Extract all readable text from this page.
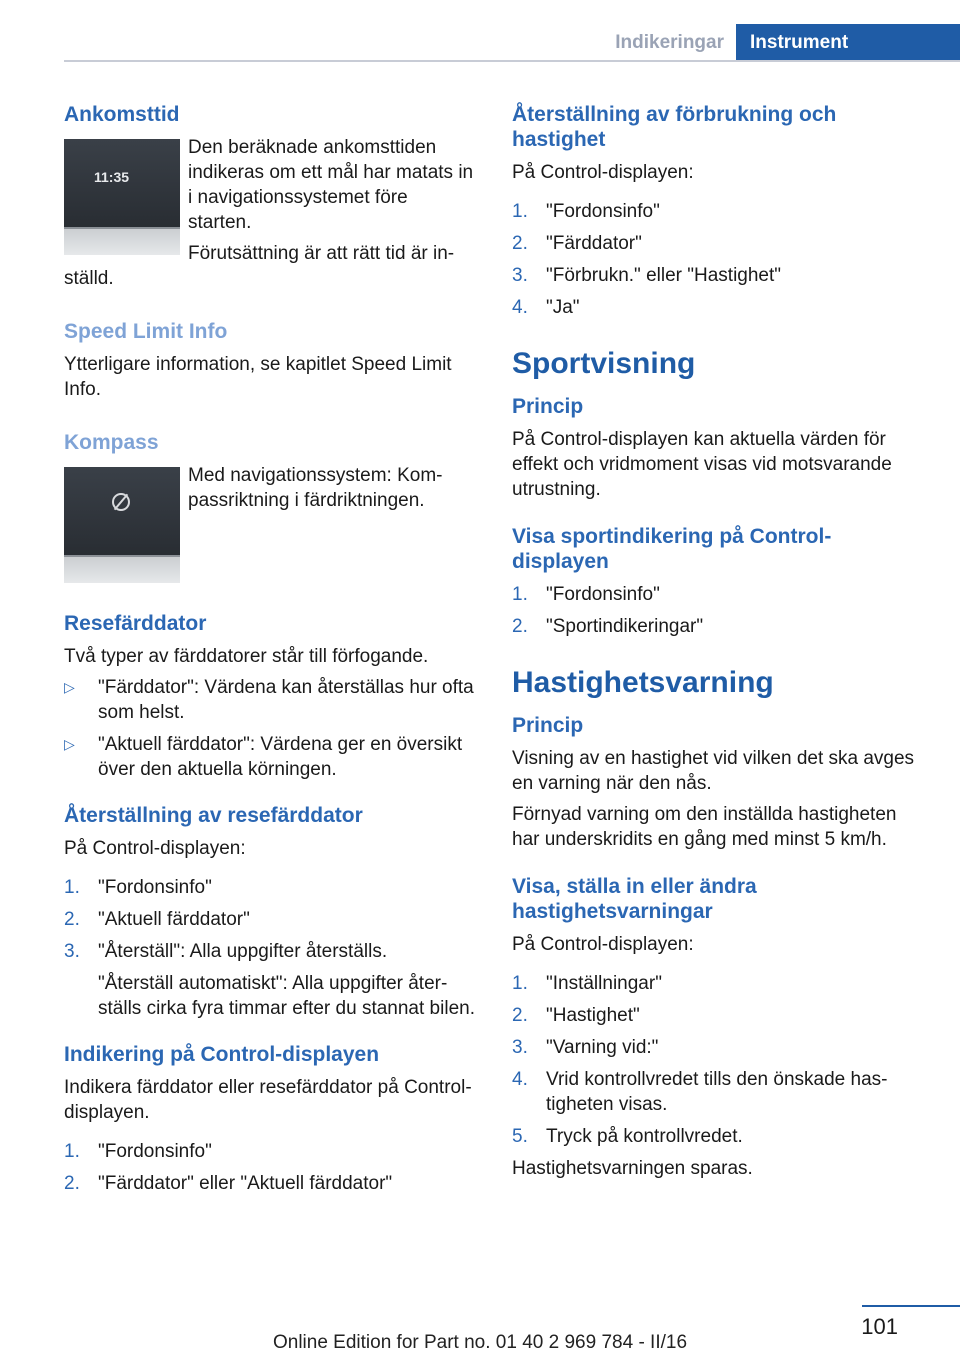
Indikeringar	Instrument
Ankomsttid
11:35

Den beräknade ankomsttiden indikeras om ett mål har matats in i navigationssystemet före starten.

Förutsättning är att rätt tid är inställd.

Speed Limit Info

Ytterligare information, se kapitlet Speed Limit Info.

Kompass

Med navigationssystem: Kompassriktning i färdriktningen.

Resefärddator

Två typer av färddatorer står till förfogande.

▷ "Färddator": Värdena kan återställas hur ofta som helst.
▷ "Aktuell färddator": Värdena ger en översikt över den aktuella körningen.
Återställning av resefärddator

På Control-displayen:

1. "Fordonsinfo"
2. "Aktuell färddator"
3. "Återställ": Alla uppgifter återställs.
"Återställ automatiskt": Alla uppgifter återställs cirka fyra timmar efter du stannat bilen.
Indikering på Control-displayen

Indikera färddator eller resefärddator på Control-displayen.

1. "Fordonsinfo"
2. "Färddator" eller "Aktuell färddator"
Återställning av förbrukning och hastighet

På Control-displayen:

1. "Fordonsinfo"
2. "Färddator"
3. "Förbrukn." eller "Hastighet"
4. "Ja"
Sportvisning
Princip

På Control-displayen kan aktuella värden för effekt och vridmoment visas vid motsvarande utrustning.

Visa sportindikering på Control-displayen
1. "Fordonsinfo"
2. "Sportindikeringar"
Hastighetsvarning
Princip

Visning av en hastighet vid vilken det ska avges en varning när den nås.

Förnyad varning om den inställda hastigheten har underskridits en gång med minst 5 km/h.

Visa, ställa in eller ändra hastighetsvarningar

På Control-displayen:

1. "Inställningar"
2. "Hastighet"
3. "Varning vid:"
4. Vrid kontrollvredet tills den önskade hastigheten visas.
5. Tryck på kontrollvredet.

Hastighetsvarningen sparas.

101
Online Edition for Part no. 01 40 2 969 784 - II/16
